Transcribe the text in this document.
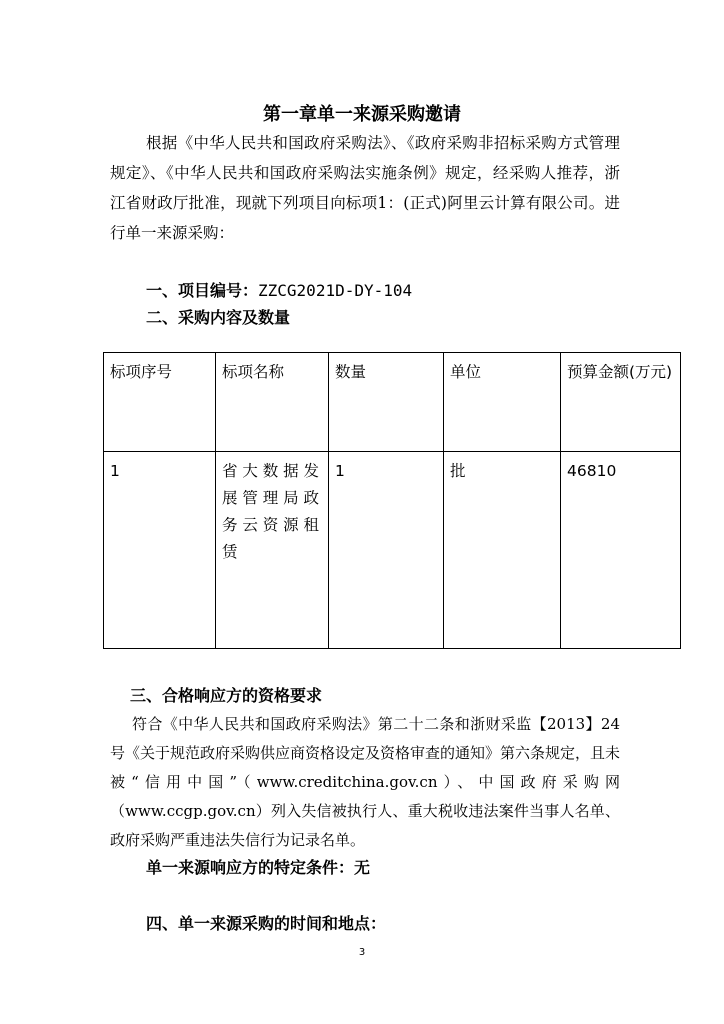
第一章单一来源采购邀请
根据《中华人民共和国政府采购法》、《政府采购非招标采购方式管理规定》、《中华人民共和国政府采购法实施条例》规定，经采购人推荐，浙江省财政厅批准，现就下列项目向标项1：(正式)阿里云计算有限公司。进行单一来源采购：
一、项目编号：ZZCG2021D-DY-104
二、采购内容及数量
标项序号	标项名称	数量	单位	预算金额(万元)
1	省大数据发展管理局政务云资源租赁	1	批	46810
三、合格响应方的资格要求
符合《中华人民共和国政府采购法》第二十二条和浙财采监【2013】24号《关于规范政府采购供应商资格设定及资格审查的通知》第六条规定，且未被“信用中国”（www.creditchina.gov.cn）、中国政府采购网（www.ccgp.gov.cn）列入失信被执行人、重大税收违法案件当事人名单、政府采购严重违法失信行为记录名单。
单一来源响应方的特定条件：无
四、单一来源采购的时间和地点：
3
